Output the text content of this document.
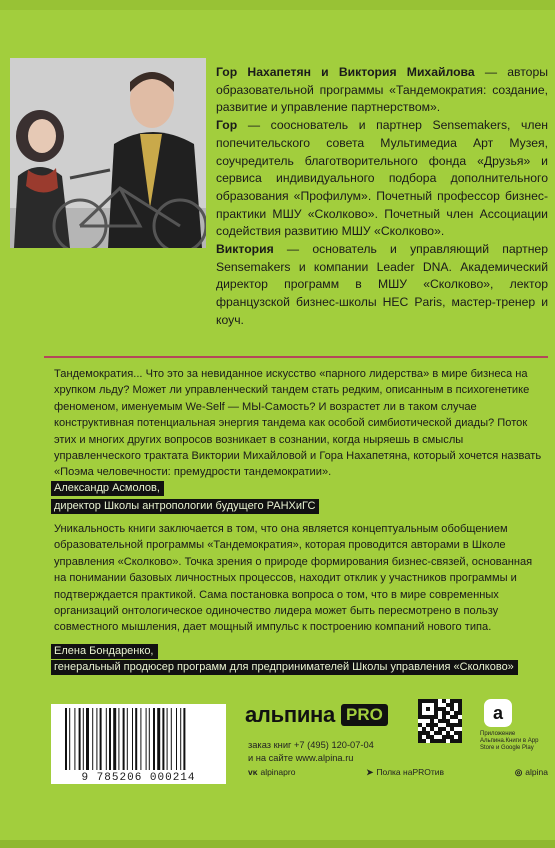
Гор Нахапетян и Виктория Михайлова — авторы образовательной программы «Тандемократия: создание, развитие и управление партнерством».

Гор — сооснователь и партнер Sensemakers, член попечительского совета Мультимедиа Арт Музея, соучредитель благотворительного фонда «Друзья» и сервиса индивидуального подбора дополнительного образования «Профилум». Почетный профессор бизнес-практики МШУ «Сколково». Почетный член Ассоциации содействия развитию МШУ «Сколково».

Виктория — основатель и управляющий партнер Sensemakers и компании Leader DNA. Академический директор программ в МШУ «Сколково», лектор французской бизнес-школы HEC Paris, мастер-тренер и коуч.

Тандемократия... Что это за невиданное искусство «парного лидерства» в мире бизнеса на хрупком льду? Может ли управленческий тандем стать редким, описанным в психогенетике феноменом, именуемым We-Self — МЫ-Самость? И возрастет ли в таком случае конструктивная потенциальная энергия тандема как особой симбиотической диады? Поток этих и многих других вопросов возникает в сознании, когда ныряешь в смыслы управленческого трактата Виктории Михайловой и Гора Нахапетяна, который хочется назвать «Поэма человечности: премудрости тандемократии».

Александр Асмолов,
директор Школы антропологии будущего РАНХиГС

Уникальность книги заключается в том, что она является концептуальным обобщением образовательной программы «Тандемократия», которая проводится авторами в Школе управления «Сколково». Точка зрения о природе формирования бизнес-связей, основанная на понимании базовых личностных процессов, находит отклик у участников программы и подтверждается практикой. Сама постановка вопроса о том, что в мире современных организаций онтологическое одиночество лидера может быть пересмотрено в пользу совместного мышления, дает мощный импульс к построению компаний нового типа.

Елена Бондаренко,
генеральный продюсер программ для предпринимателей Школы управления «Сколково»
9 785206 000214
альпина PRO
заказ книг +7 (495) 120-07-04
и на сайте www.alpina.ru
a
Приложение Альпина.Книги в App Store и Google Play
ᴠᴋ alpinapro	➤ Полка наPROтив	◎ alpina
